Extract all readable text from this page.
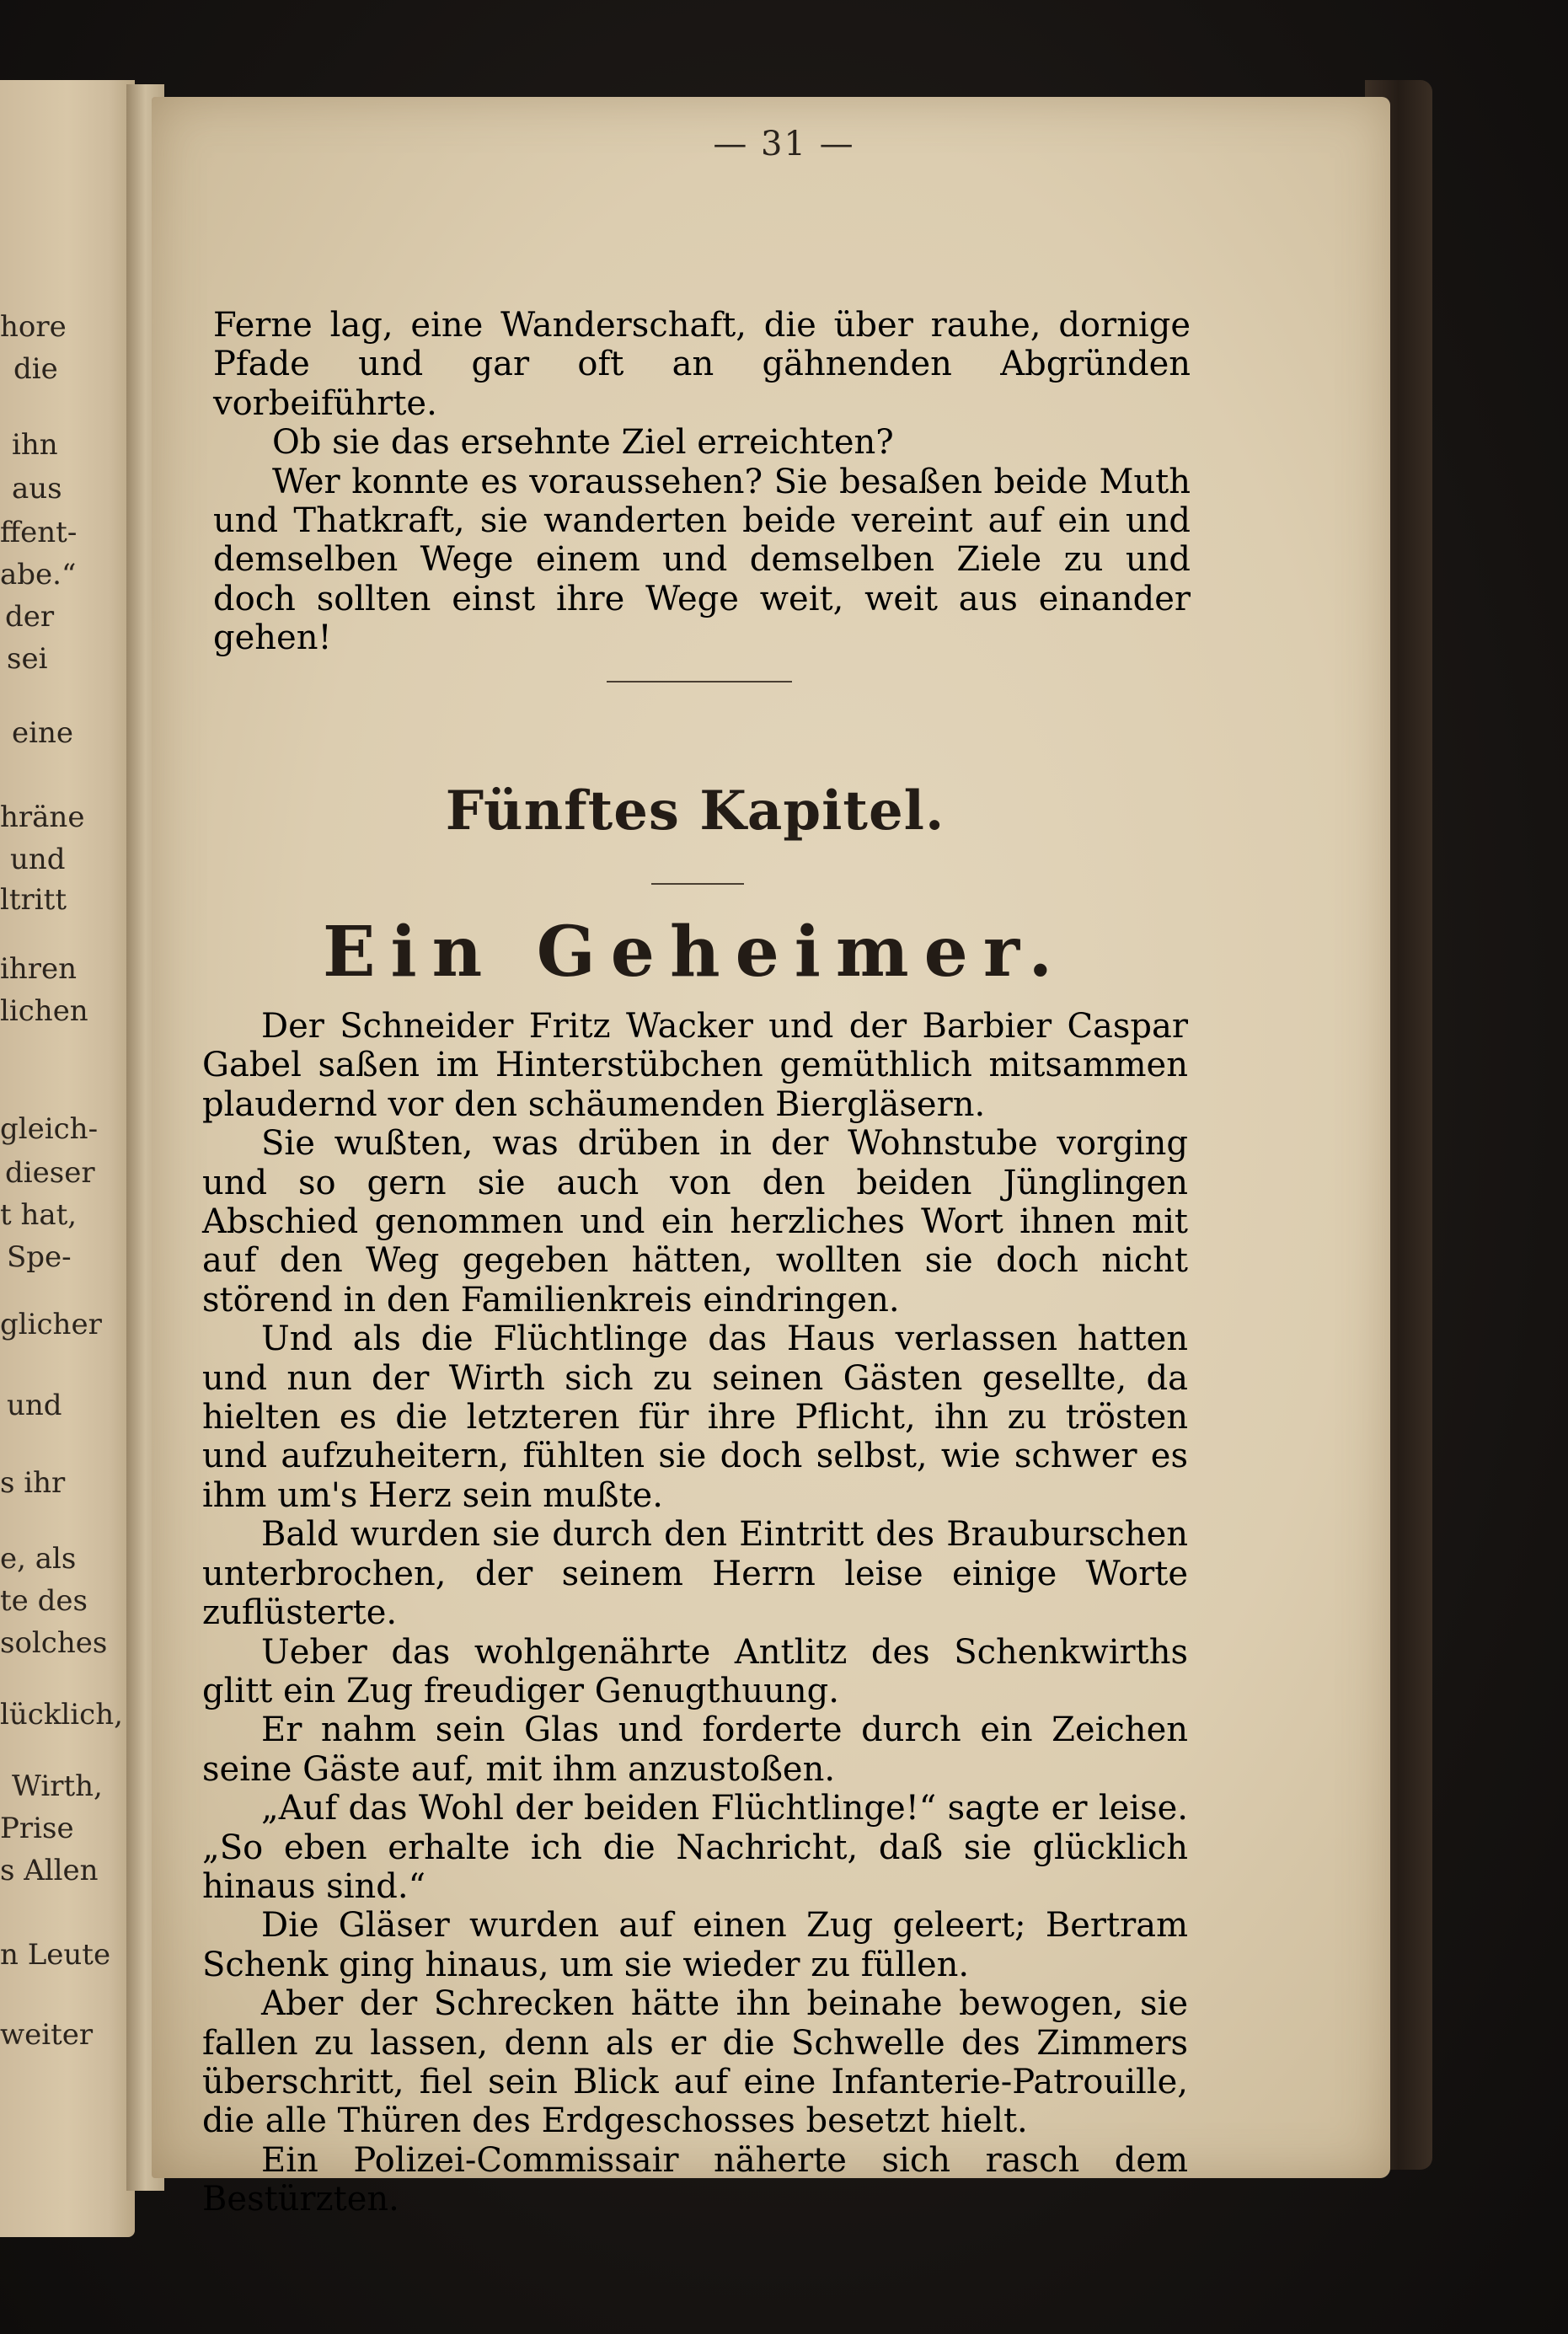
— 31 —

Ferne lag, eine Wanderschaft, die über rauhe, dornige Pfade und gar oft an gähnenden Abgründen vorbeiführte.

Ob sie das ersehnte Ziel erreichten?

Wer konnte es voraussehen? Sie besaßen beide Muth und Thatkraft, sie wanderten beide vereint auf ein und demselben Wege einem und demselben Ziele zu und doch sollten einst ihre Wege weit, weit aus einander gehen!

Fünftes Kapitel.
Ein Geheimer.

Der Schneider Fritz Wacker und der Barbier Caspar Gabel saßen im Hinterstübchen gemüthlich mitsammen plaudernd vor den schäumenden Biergläsern.

Sie wußten, was drüben in der Wohnstube vorging und so gern sie auch von den beiden Jünglingen Abschied genommen und ein herzliches Wort ihnen mit auf den Weg gegeben hätten, wollten sie doch nicht störend in den Familienkreis eindringen.

Und als die Flüchtlinge das Haus verlassen hatten und nun der Wirth sich zu seinen Gästen gesellte, da hielten es die letzteren für ihre Pflicht, ihn zu trösten und aufzuheitern, fühlten sie doch selbst, wie schwer es ihm um's Herz sein mußte.

Bald wurden sie durch den Eintritt des Brauburschen unterbrochen, der seinem Herrn leise einige Worte zuflüsterte.

Ueber das wohlgenährte Antlitz des Schenkwirths glitt ein Zug freudiger Genugthuung.

Er nahm sein Glas und forderte durch ein Zeichen seine Gäste auf, mit ihm anzustoßen.

„Auf das Wohl der beiden Flüchtlinge!“ sagte er leise. „So eben erhalte ich die Nachricht, daß sie glücklich hinaus sind.“

Die Gläser wurden auf einen Zug geleert; Bertram Schenk ging hinaus, um sie wieder zu füllen.

Aber der Schrecken hätte ihn beinahe bewogen, sie fallen zu lassen, denn als er die Schwelle des Zimmers überschritt, fiel sein Blick auf eine Infanterie-Patrouille, die alle Thüren des Erdgeschosses besetzt hielt.

Ein Polizei-Commissair näherte sich rasch dem Bestürzten.

hore
die
ihn
aus
ffent-
abe.“
der
sei
eine
hräne
und
ltritt
ihren
lichen
gleich-
dieser
t hat,
Spe-
glicher
und
s ihr
e, als
te des
solches
lücklich,
Wirth,
Prise
s Allen
n Leute
weiter
